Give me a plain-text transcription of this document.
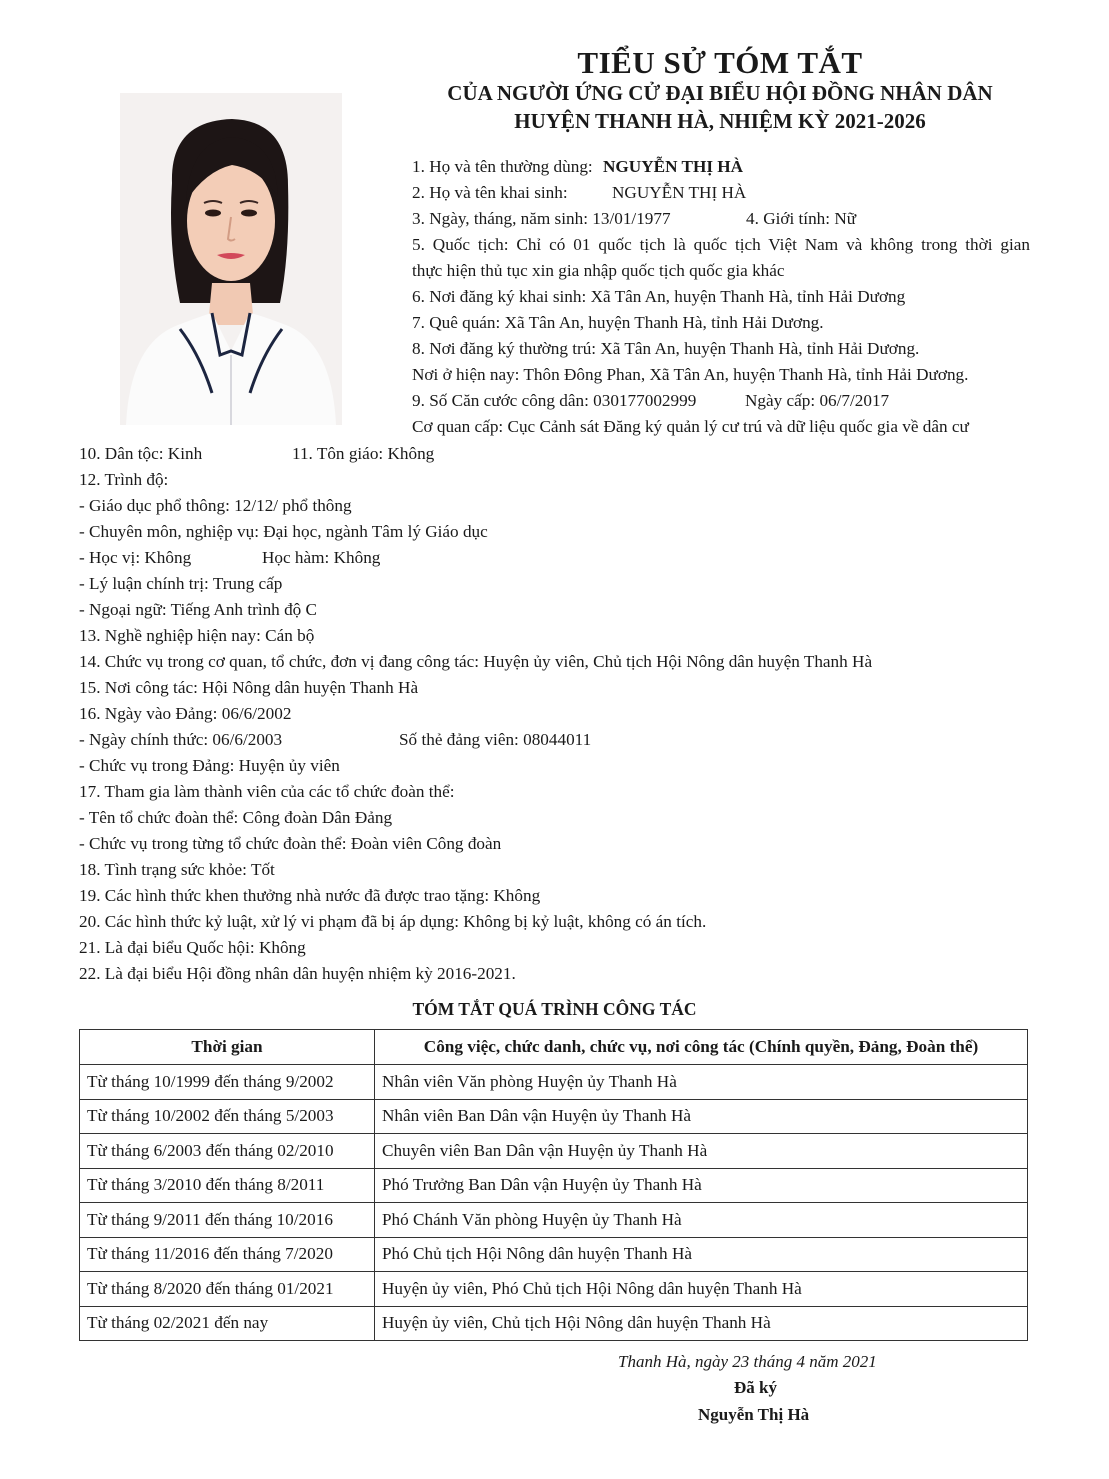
TIỂU SỬ TÓM TẮT
CỦA NGƯỜI ỨNG CỬ ĐẠI BIỂU HỘI ĐỒNG NHÂN DÂN
HUYỆN THANH HÀ, NHIỆM KỲ 2021-2026
1. Họ và tên thường dùng: NGUYỄN THỊ HÀ
2. Họ và tên khai sinh:	NGUYỄN THỊ HÀ
3. Ngày, tháng, năm sinh: 13/01/1977	4. Giới tính: Nữ
5. Quốc tịch: Chỉ có 01 quốc tịch là quốc tịch Việt Nam và không trong thời gian
thực hiện thủ tục xin gia nhập quốc tịch quốc gia khác
6. Nơi đăng ký khai sinh: Xã Tân An, huyện Thanh Hà, tỉnh Hải Dương
7. Quê quán: Xã Tân An, huyện Thanh Hà, tỉnh Hải Dương.
8. Nơi đăng ký thường trú: Xã Tân An, huyện Thanh Hà, tỉnh Hải Dương.
Nơi ở hiện nay: Thôn Đông Phan, Xã Tân An, huyện Thanh Hà, tỉnh Hải Dương.
9. Số Căn cước công dân: 030177002999	Ngày cấp: 06/7/2017
Cơ quan cấp: Cục Cảnh sát Đăng ký quản lý cư trú và dữ liệu quốc gia về dân cư
10. Dân tộc: Kinh	11. Tôn giáo: Không
12. Trình độ:
- Giáo dục phổ thông: 12/12/ phổ thông
- Chuyên môn, nghiệp vụ: Đại học, ngành Tâm lý Giáo dục
- Học vị: Không	Học hàm: Không
- Lý luận chính trị: Trung cấp
- Ngoại ngữ: Tiếng Anh trình độ C
13. Nghề nghiệp hiện nay: Cán bộ
14. Chức vụ trong cơ quan, tổ chức, đơn vị đang công tác: Huyện ủy viên, Chủ tịch Hội Nông dân huyện Thanh Hà
15. Nơi công tác: Hội Nông dân huyện Thanh Hà
16. Ngày vào Đảng: 06/6/2002
- Ngày chính thức: 06/6/2003	Số thẻ đảng viên: 08044011
- Chức vụ trong Đảng: Huyện ủy viên
17. Tham gia làm thành viên của các tổ chức đoàn thể:
- Tên tổ chức đoàn thể: Công đoàn Dân Đảng
- Chức vụ trong từng tổ chức đoàn thể: Đoàn viên Công đoàn
18. Tình trạng sức khỏe: Tốt
19. Các hình thức khen thưởng nhà nước đã được trao tặng: Không
20. Các hình thức kỷ luật, xử lý vi phạm đã bị áp dụng: Không bị kỷ luật, không có án tích.
21. Là đại biểu Quốc hội: Không
22. Là đại biểu Hội đồng nhân dân huyện nhiệm kỳ 2016-2021.
TÓM TẮT QUÁ TRÌNH CÔNG TÁC
Thời gian	Công việc, chức danh, chức vụ, nơi công tác (Chính quyền, Đảng, Đoàn thể)
Từ tháng 10/1999 đến tháng 9/2002	Nhân viên Văn phòng Huyện ủy Thanh Hà
Từ tháng 10/2002 đến tháng 5/2003	Nhân viên Ban Dân vận Huyện ủy Thanh Hà
Từ tháng 6/2003 đến tháng 02/2010	Chuyên viên Ban Dân vận Huyện ủy Thanh Hà
Từ tháng 3/2010 đến tháng 8/2011	Phó Trưởng Ban Dân vận Huyện ủy Thanh Hà
Từ tháng 9/2011 đến tháng 10/2016	Phó Chánh Văn phòng Huyện ủy Thanh Hà
Từ tháng 11/2016 đến tháng 7/2020	Phó Chủ tịch Hội Nông dân huyện Thanh Hà
Từ tháng 8/2020 đến tháng 01/2021	Huyện ủy viên, Phó Chủ tịch Hội Nông dân huyện Thanh Hà
Từ tháng 02/2021 đến nay	Huyện ủy viên, Chủ tịch Hội Nông dân huyện Thanh Hà
Thanh Hà, ngày 23 tháng 4 năm 2021
Đã ký
Nguyễn Thị Hà
